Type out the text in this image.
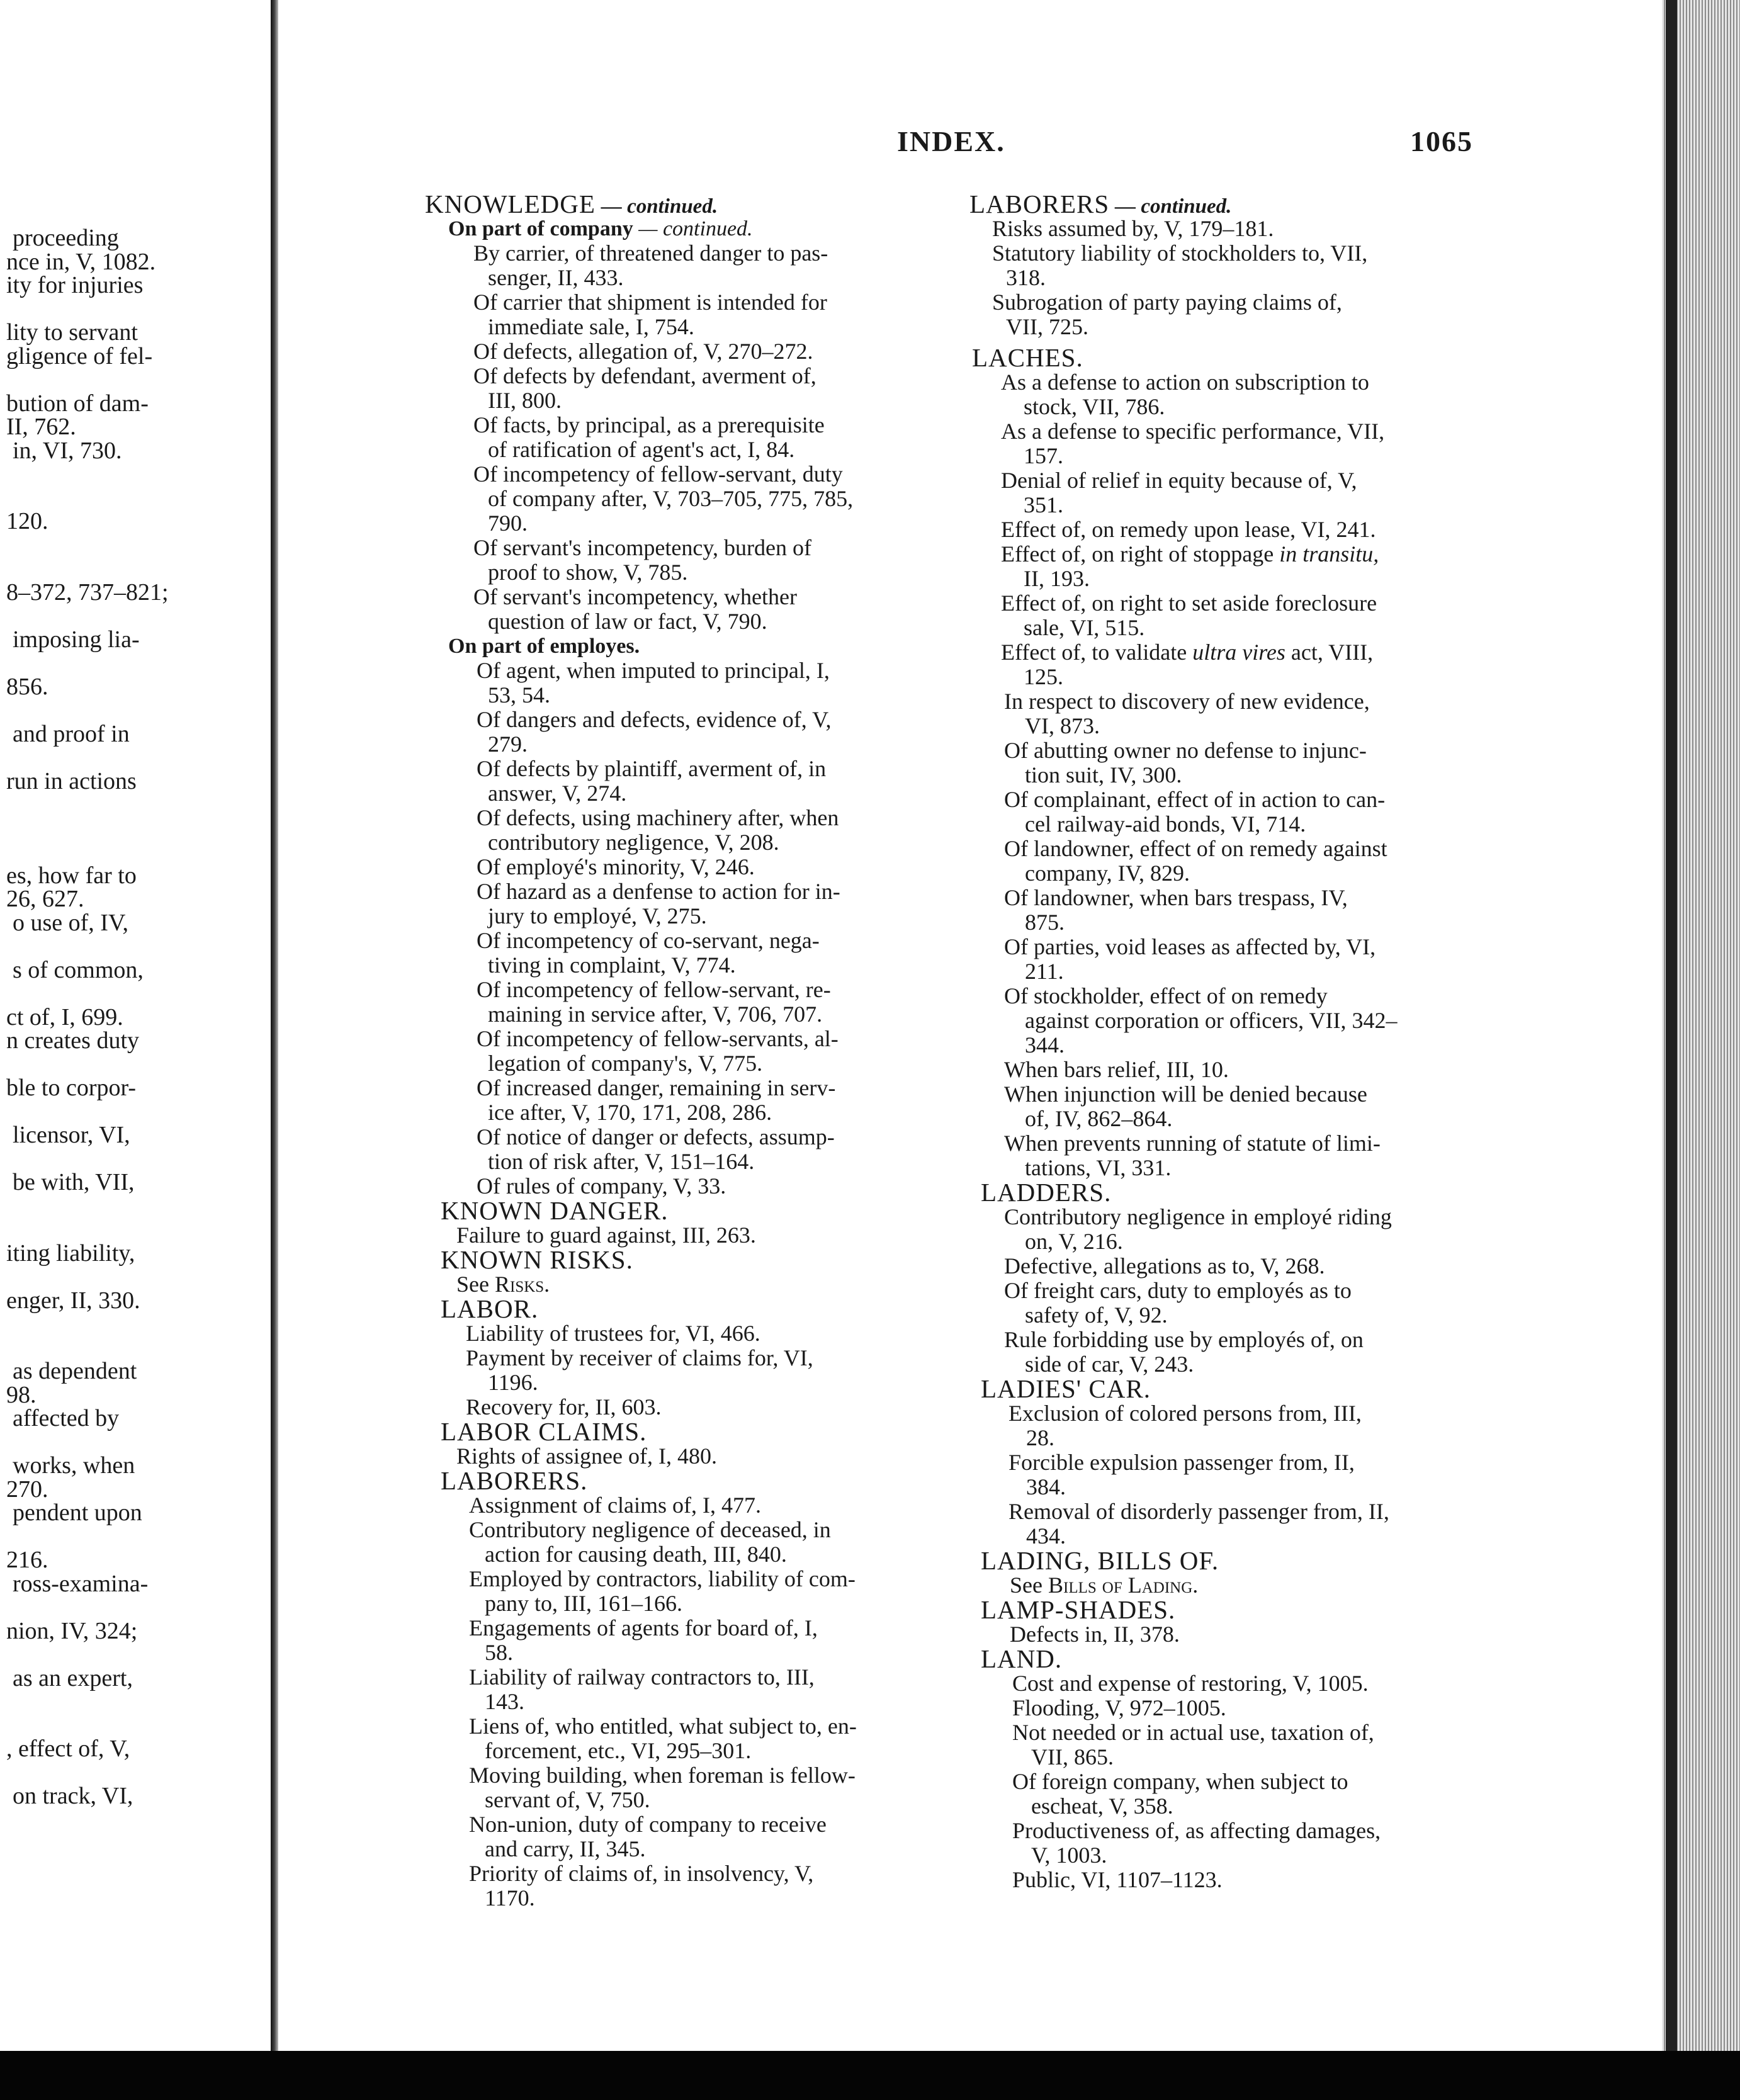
proceeding
nce in, V, 1082.
ity for injuries
lity to servant
gligence of fel-
bution of dam-
II, 762.
in, VI, 730.
120.
8–372, 737–821;
imposing lia-
856.
and proof in
run in actions
es, how far to
26, 627.
o use of, IV,
s of common,
ct of, I, 699.
n creates duty
ble to corpor-
licensor, VI,
be with, VII,
iting liability,
enger, II, 330.
as dependent
98.
affected by
works, when
270.
pendent upon
216.
ross-examina-
nion, IV, 324;
as an expert,
, effect of, V,
on track, VI,
INDEX.	1065
KNOWLEDGE — continued.
On part of company — continued.
By carrier, of threatened danger to pas-
senger, II, 433.
Of carrier that shipment is intended for
immediate sale, I, 754.
Of defects, allegation of, V, 270–272.
Of defects by defendant, averment of,
III, 800.
Of facts, by principal, as a prerequisite
of ratification of agent's act, I, 84.
Of incompetency of fellow-servant, duty
of company after, V, 703–705, 775, 785,
790.
Of servant's incompetency, burden of
proof to show, V, 785.
Of servant's incompetency, whether
question of law or fact, V, 790.
On part of employes.
Of agent, when imputed to principal, I,
53, 54.
Of dangers and defects, evidence of, V,
279.
Of defects by plaintiff, averment of, in
answer, V, 274.
Of defects, using machinery after, when
contributory negligence, V, 208.
Of employé's minority, V, 246.
Of hazard as a denfense to action for in-
jury to employé, V, 275.
Of incompetency of co-servant, nega-
tiving in complaint, V, 774.
Of incompetency of fellow-servant, re-
maining in service after, V, 706, 707.
Of incompetency of fellow-servants, al-
legation of company's, V, 775.
Of increased danger, remaining in serv-
ice after, V, 170, 171, 208, 286.
Of notice of danger or defects, assump-
tion of risk after, V, 151–164.
Of rules of company, V, 33.
KNOWN DANGER.
Failure to guard against, III, 263.
KNOWN RISKS.
See Risks.
LABOR.
Liability of trustees for, VI, 466.
Payment by receiver of claims for, VI,
1196.
Recovery for, II, 603.
LABOR CLAIMS.
Rights of assignee of, I, 480.
LABORERS.
Assignment of claims of, I, 477.
Contributory negligence of deceased, in
action for causing death, III, 840.
Employed by contractors, liability of com-
pany to, III, 161–166.
Engagements of agents for board of, I,
58.
Liability of railway contractors to, III,
143.
Liens of, who entitled, what subject to, en-
forcement, etc., VI, 295–301.
Moving building, when foreman is fellow-
servant of, V, 750.
Non-union, duty of company to receive
and carry, II, 345.
Priority of claims of, in insolvency, V,
1170.
LABORERS — continued.
Risks assumed by, V, 179–181.
Statutory liability of stockholders to, VII,
318.
Subrogation of party paying claims of,
VII, 725.
LACHES.
As a defense to action on subscription to
stock, VII, 786.
As a defense to specific performance, VII,
157.
Denial of relief in equity because of, V,
351.
Effect of, on remedy upon lease, VI, 241.
Effect of, on right of stoppage in transitu,
II, 193.
Effect of, on right to set aside foreclosure
sale, VI, 515.
Effect of, to validate ultra vires act, VIII,
125.
In respect to discovery of new evidence,
VI, 873.
Of abutting owner no defense to injunc-
tion suit, IV, 300.
Of complainant, effect of in action to can-
cel railway-aid bonds, VI, 714.
Of landowner, effect of on remedy against
company, IV, 829.
Of landowner, when bars trespass, IV,
875.
Of parties, void leases as affected by, VI,
211.
Of stockholder, effect of on remedy
against corporation or officers, VII, 342–
344.
When bars relief, III, 10.
When injunction will be denied because
of, IV, 862–864.
When prevents running of statute of limi-
tations, VI, 331.
LADDERS.
Contributory negligence in employé riding
on, V, 216.
Defective, allegations as to, V, 268.
Of freight cars, duty to employés as to
safety of, V, 92.
Rule forbidding use by employés of, on
side of car, V, 243.
LADIES' CAR.
Exclusion of colored persons from, III,
28.
Forcible expulsion passenger from, II,
384.
Removal of disorderly passenger from, II,
434.
LADING, BILLS OF.
See Bills of Lading.
LAMP-SHADES.
Defects in, II, 378.
LAND.
Cost and expense of restoring, V, 1005.
Flooding, V, 972–1005.
Not needed or in actual use, taxation of,
VII, 865.
Of foreign company, when subject to
escheat, V, 358.
Productiveness of, as affecting damages,
V, 1003.
Public, VI, 1107–1123.
